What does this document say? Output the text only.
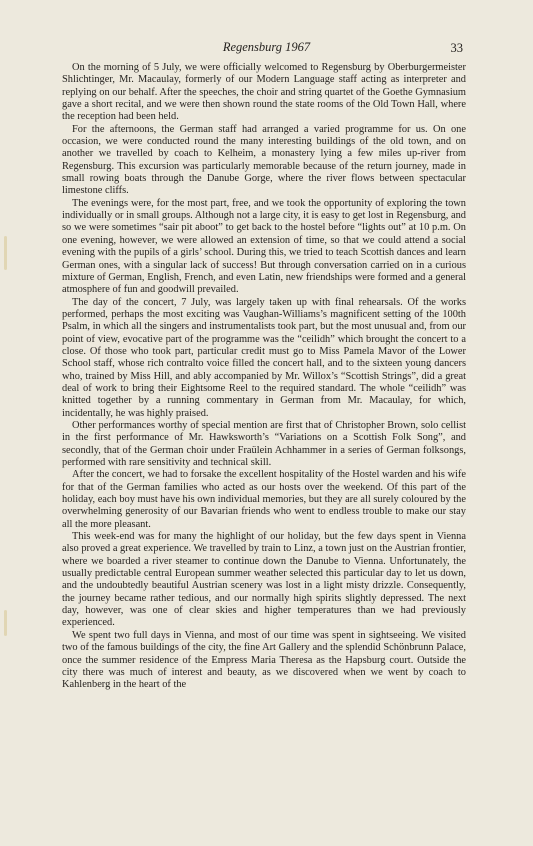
Regensburg 1967	33

On the morning of 5 July, we were officially welcomed to Regensburg by Oberburgermeister Shlichtinger, Mr. Macaulay, formerly of our Modern Language staff acting as interpreter and replying on our behalf. After the speeches, the choir and string quartet of the Goethe Gymnasium gave a short recital, and we were then shown round the state rooms of the Old Town Hall, where the reception had been held.

For the afternoons, the German staff had arranged a varied programme for us. On one occasion, we were conducted round the many interesting buildings of the old town, and on another we travelled by coach to Kelheim, a monastery lying a few miles up-river from Regensburg. This excursion was particularly memorable because of the return journey, made in small rowing boats through the Danube Gorge, where the river flows between spectacular limestone cliffs.

The evenings were, for the most part, free, and we took the opportunity of exploring the town individually or in small groups. Although not a large city, it is easy to get lost in Regensburg, and so we were sometimes “sair pit aboot” to get back to the hostel before “lights out” at 10 p.m. On one evening, however, we were allowed an extension of time, so that we could attend a social evening with the pupils of a girls’ school. During this, we tried to teach Scottish dances and learn German ones, with a singular lack of success! But through conversation carried on in a curious mixture of German, English, French, and even Latin, new friendships were formed and a general atmosphere of fun and goodwill prevailed.

The day of the concert, 7 July, was largely taken up with final rehearsals. Of the works performed, perhaps the most exciting was Vaughan-Williams’s magnificent setting of the 100th Psalm, in which all the singers and instrumentalists took part, but the most unusual and, from our point of view, evocative part of the programme was the “ceilidh” which brought the concert to a close. Of those who took part, particular credit must go to Miss Pamela Mavor of the Lower School staff, whose rich contralto voice filled the concert hall, and to the sixteen young dancers who, trained by Miss Hill, and ably accompanied by Mr. Willox’s “Scottish Strings”, did a great deal of work to bring their Eightsome Reel to the required standard. The whole “ceilidh” was knitted together by a running commentary in German from Mr. Macaulay, for which, incidentally, he was highly praised.

Other performances worthy of special mention are first that of Christopher Brown, solo cellist in the first performance of Mr. Hawksworth’s “Variations on a Scottish Folk Song”, and secondly, that of the German choir under Fraülein Achhammer in a series of German folksongs, performed with rare sensitivity and technical skill.

After the concert, we had to forsake the excellent hospitality of the Hostel warden and his wife for that of the German families who acted as our hosts over the weekend. Of this part of the holiday, each boy must have his own individual memories, but they are all surely coloured by the overwhelming generosity of our Bavarian friends who went to endless trouble to make our stay all the more pleasant.

This week-end was for many the highlight of our holiday, but the few days spent in Vienna also proved a great experience. We travelled by train to Linz, a town just on the Austrian frontier, where we boarded a river steamer to continue down the Danube to Vienna. Unfortunately, the usually predictable central European summer weather selected this particular day to let us down, and the undoubtedly beautiful Austrian scenery was lost in a light misty drizzle. Consequently, the journey became rather tedious, and our normally high spirits slightly depressed. The next day, however, was one of clear skies and higher temperatures than we had previously experienced.

We spent two full days in Vienna, and most of our time was spent in sightseeing. We visited two of the famous buildings of the city, the fine Art Gallery and the splendid Schönbrunn Palace, once the summer residence of the Empress Maria Theresa as the Hapsburg court. Outside the city there was much of interest and beauty, as we discovered when we went by coach to Kahlenberg in the heart of the
